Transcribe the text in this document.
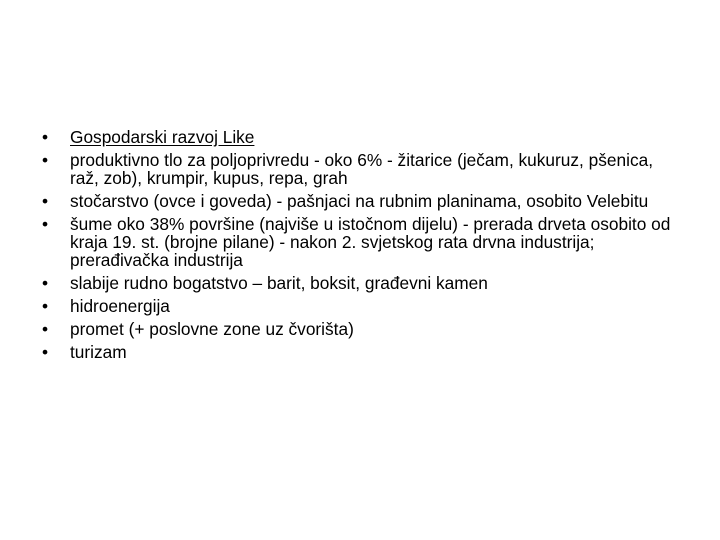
•	Gospodarski razvoj Like
•	produktivno tlo za poljoprivredu - oko 6% - žitarice (ječam, kukuruz, pšenica, raž, zob), krumpir, kupus, repa, grah
•	stočarstvo (ovce i goveda) - pašnjaci na rubnim planinama, osobito Velebitu
•	šume oko 38% površine (najviše u istočnom dijelu) - prerada drveta osobito od kraja 19. st. (brojne pilane) - nakon 2. svjetskog rata drvna industrija; prerađivačka industrija
•	slabije rudno bogatstvo – barit, boksit, građevni kamen
•	hidroenergija
•	promet (+ poslovne zone uz čvorišta)
•	turizam
